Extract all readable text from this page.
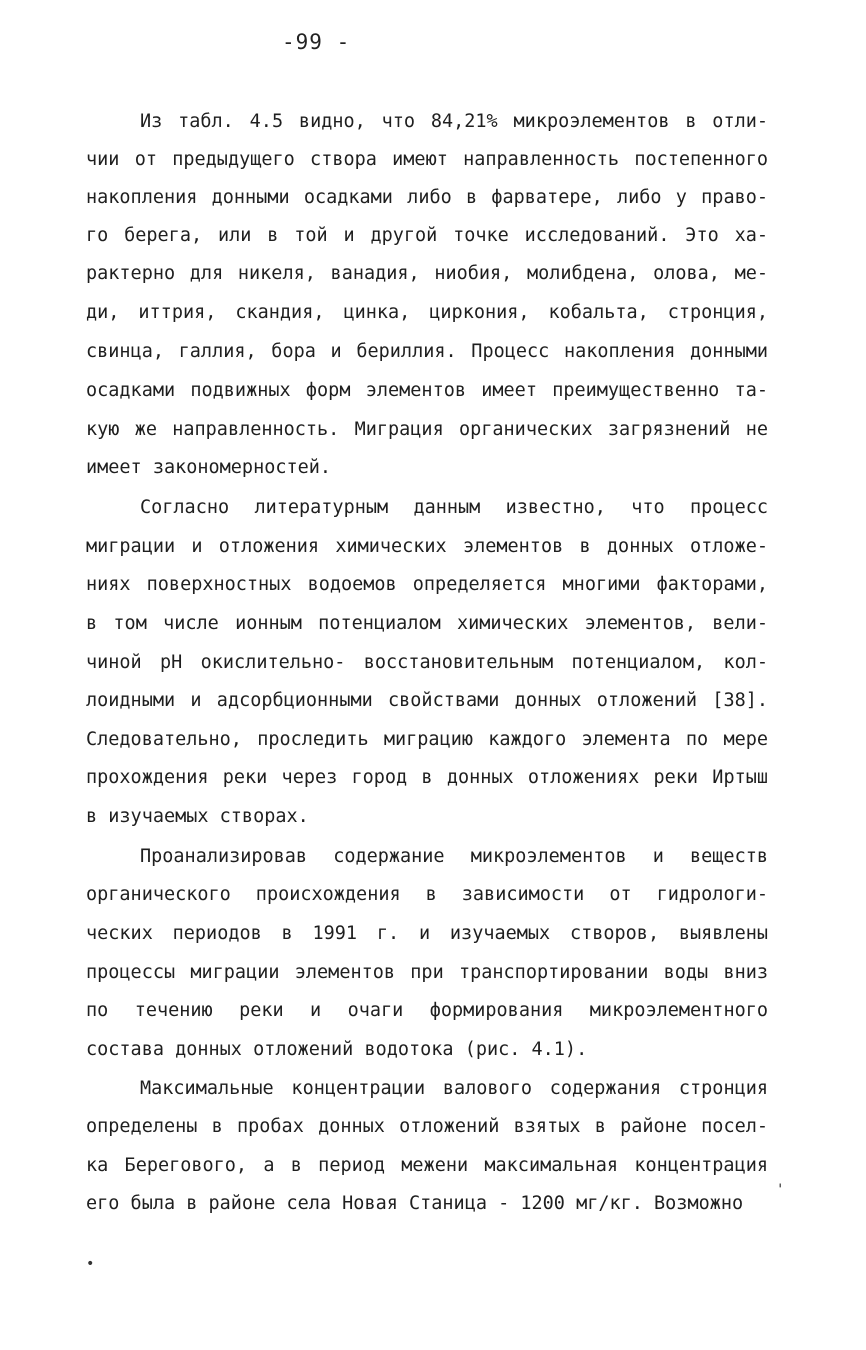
-99 -
Из табл. 4.5 видно, что 84,21% микроэлементов в отли-
чии от предыдущего створа имеют направленность постепенного
накопления донными осадками либо в фарватере, либо у право-
го берега, или в той и другой точке исследований. Это ха-
рактерно для никеля, ванадия, ниобия, молибдена, олова, ме-
ди, иттрия, скандия, цинка, циркония, кобальта, стронция,
свинца, галлия, бора и бериллия. Процесс накопления донными
осадками подвижных форм элементов имеет преимущественно та-
кую же направленность. Миграция органических загрязнений не
имеет закономерностей.
Согласно литературным данным известно, что процесс
миграции и отложения химических элементов в донных отложе-
ниях поверхностных водоемов определяется многими факторами,
в том числе ионным потенциалом химических элементов, вели-
чиной рН окислительно- восстановительным потенциалом, кол-
лоидными и адсорбционными свойствами донных отложений [38].
Следовательно, проследить миграцию каждого элемента по мере
прохождения реки через город в донных отложениях реки Иртыш
в изучаемых створах.
Проанализировав содержание микроэлементов и веществ
органического происхождения в зависимости от гидрологи-
ческих периодов в 1991 г. и изучаемых створов, выявлены
процессы миграции элементов при транспортировании воды вниз
по течению реки и очаги формирования микроэлементного
состава донных отложений водотока (рис. 4.1).
Максимальные концентрации валового содержания стронция
определены в пробах донных отложений взятых в районе посел-
ка Берегового, а в период межени максимальная концентрация
его была в районе села Новая Станица - 1200 мг/кг. Возможно
'
•
